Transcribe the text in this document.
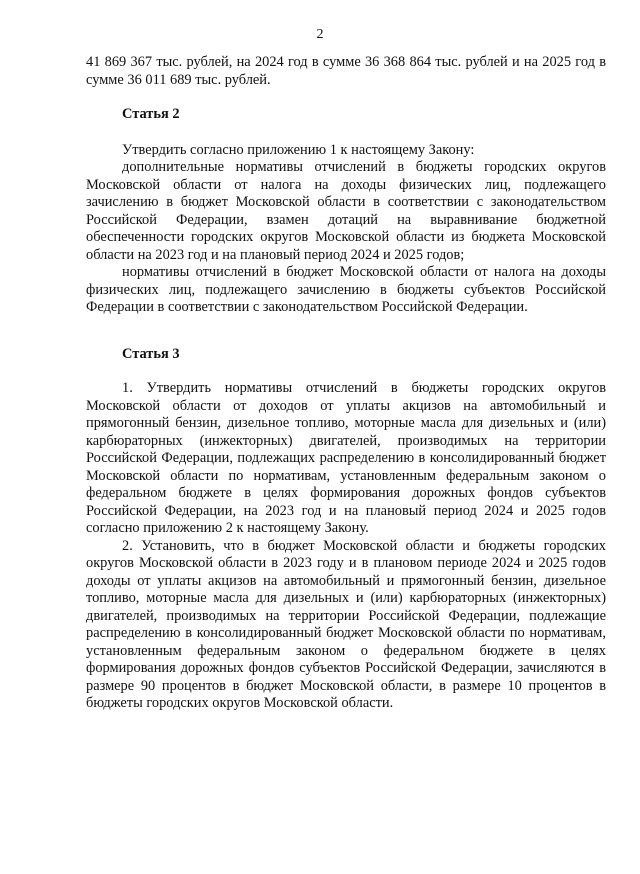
2

41 869 367 тыс. рублей, на 2024 год в сумме 36 368 864 тыс. рублей и на 2025 год в сумме 36 011 689 тыс. рублей.

Статья 2

Утвердить согласно приложению 1 к настоящему Закону:

дополнительные нормативы отчислений в бюджеты городских округов Московской области от налога на доходы физических лиц, подлежащего зачислению в бюджет Московской области в соответствии с законодательством Российской Федерации, взамен дотаций на выравнивание бюджетной обеспеченности городских округов Московской области из бюджета Московской области на 2023 год и на плановый период 2024 и 2025 годов;

нормативы отчислений в бюджет Московской области от налога на доходы физических лиц, подлежащего зачислению в бюджеты субъектов Российской Федерации в соответствии с законодательством Российской Федерации.

Статья 3

1. Утвердить нормативы отчислений в бюджеты городских округов Московской области от доходов от уплаты акцизов на автомобильный и прямогонный бензин, дизельное топливо, моторные масла для дизельных и (или) карбюраторных (инжекторных) двигателей, производимых на территории Российской Федерации, подлежащих распределению в консолидированный бюджет Московской области по нормативам, установленным федеральным законом о федеральном бюджете в целях формирования дорожных фондов субъектов Российской Федерации, на 2023 год и на плановый период 2024 и 2025 годов согласно приложению 2 к настоящему Закону.

2. Установить, что в бюджет Московской области и бюджеты городских округов Московской области в 2023 году и в плановом периоде 2024 и 2025 годов доходы от уплаты акцизов на автомобильный и прямогонный бензин, дизельное топливо, моторные масла для дизельных и (или) карбюраторных (инжекторных) двигателей, производимых на территории Российской Федерации, подлежащие распределению в консолидированный бюджет Московской области по нормативам, установленным федеральным законом о федеральном бюджете в целях формирования дорожных фондов субъектов Российской Федерации, зачисляются в размере 90 процентов в бюджет Московской области, в размере 10 процентов в бюджеты городских округов Московской области.
